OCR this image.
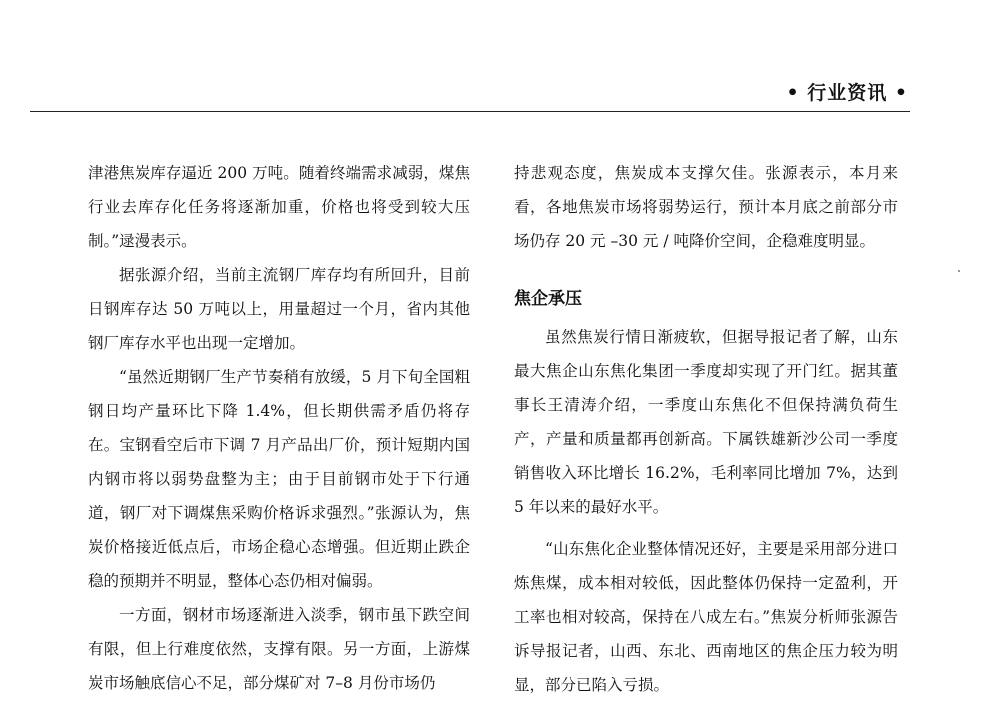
• 行业资讯 •

津港焦炭库存逼近 200 万吨。随着终端需求减弱，煤焦行业去库存化任务将逐渐加重，价格也将受到较大压制。”逯漫表示。

据张源介绍，当前主流钢厂库存均有所回升，目前日钢库存达 50 万吨以上，用量超过一个月，省内其他钢厂库存水平也出现一定增加。

“虽然近期钢厂生产节奏稍有放缓，5 月下旬全国粗钢日均产量环比下降 1.4%，但长期供需矛盾仍将存在。宝钢看空后市下调 7 月产品出厂价，预计短期内国内钢市将以弱势盘整为主；由于目前钢市处于下行通道，钢厂对下调煤焦采购价格诉求强烈。”张源认为，焦炭价格接近低点后，市场企稳心态增强。但近期止跌企稳的预期并不明显，整体心态仍相对偏弱。

一方面，钢材市场逐渐进入淡季，钢市虽下跌空间有限，但上行难度依然，支撑有限。另一方面，上游煤炭市场触底信心不足，部分煤矿对 7–8 月份市场仍

持悲观态度，焦炭成本支撑欠佳。张源表示，本月来看，各地焦炭市场将弱势运行，预计本月底之前部分市场仍存 20 元 –30 元 / 吨降价空间，企稳难度明显。

焦企承压

虽然焦炭行情日渐疲软，但据导报记者了解，山东最大焦企山东焦化集团一季度却实现了开门红。据其董事长王清涛介绍，一季度山东焦化不但保持满负荷生产，产量和质量都再创新高。下属铁雄新沙公司一季度销售收入环比增长 16.2%，毛利率同比增加 7%，达到 5 年以来的最好水平。

“山东焦化企业整体情况还好，主要是采用部分进口炼焦煤，成本相对较低，因此整体仍保持一定盈利，开工率也相对较高，保持在八成左右。”焦炭分析师张源告诉导报记者，山西、东北、西南地区的焦企压力较为明显，部分已陷入亏损。
